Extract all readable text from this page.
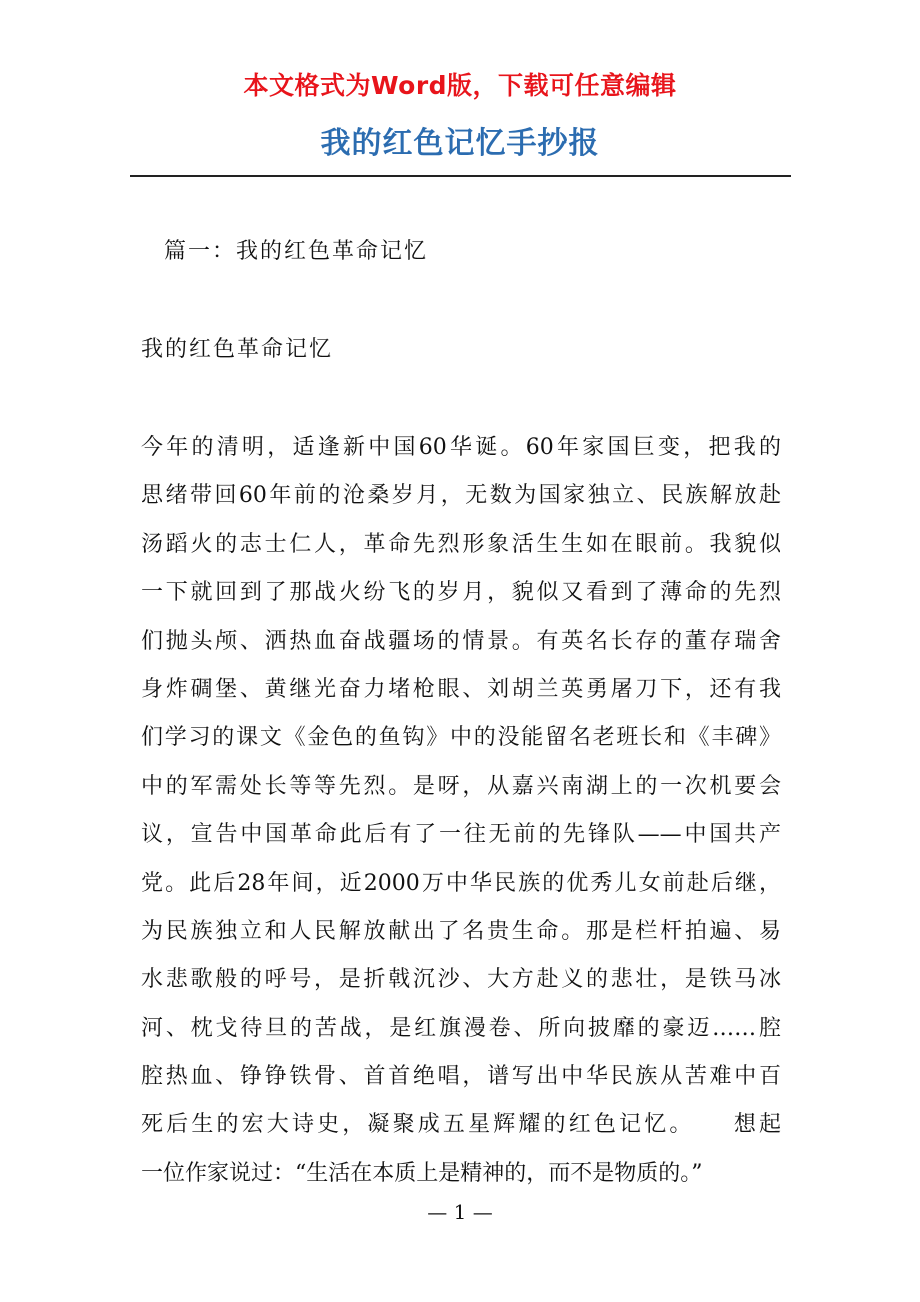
本文格式为Word版，下载可任意编辑
我的红色记忆手抄报
篇一：我的红色革命记忆
我的红色革命记忆
今年的清明，适逢新中国60华诞。60年家国巨变，把我的
思绪带回60年前的沧桑岁月，无数为国家独立、民族解放赴
汤蹈火的志士仁人，革命先烈形象活生生如在眼前。我貌似
一下就回到了那战火纷飞的岁月，貌似又看到了薄命的先烈
们抛头颅、洒热血奋战疆场的情景。有英名长存的董存瑞舍
身炸碉堡、黄继光奋力堵枪眼、刘胡兰英勇屠刀下，还有我
们学习的课文《金色的鱼钩》中的没能留名老班长和《丰碑》
中的军需处长等等先烈。是呀，从嘉兴南湖上的一次机要会
议，宣告中国革命此后有了一往无前的先锋队——中国共产
党。此后28年间，近2000万中华民族的优秀儿女前赴后继，
为民族独立和人民解放献出了名贵生命。那是栏杆拍遍、易
水悲歌般的呼号，是折戟沉沙、大方赴义的悲壮，是铁马冰
河、枕戈待旦的苦战，是红旗漫卷、所向披靡的豪迈……腔
腔热血、铮铮铁骨、首首绝唱，谱写出中华民族从苦难中百
死后生的宏大诗史，凝聚成五星辉耀的红色记忆。　　想起
一位作家说过：“生活在本质上是精神的，而不是物质的。”
— 1 —
